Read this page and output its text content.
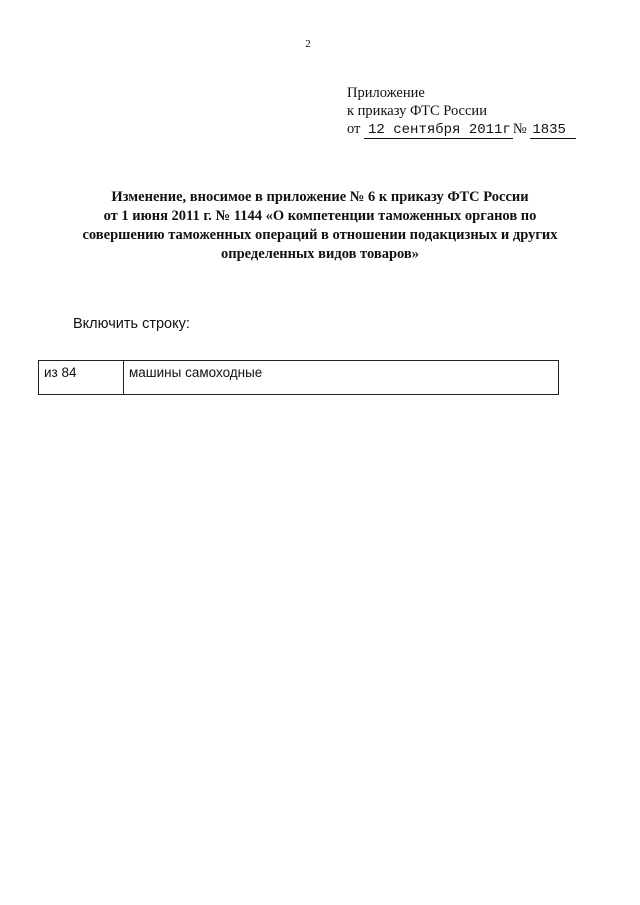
2
Приложение
к приказу ФТС России
от 12 сентября 2011г № 1835
Изменение, вносимое в приложение № 6 к приказу ФТС России
от 1 июня 2011 г. № 1144 «О компетенции таможенных органов по
совершению таможенных операций в отношении подакцизных и других
определенных видов товаров»
Включить строку:
из 84	машины самоходные
